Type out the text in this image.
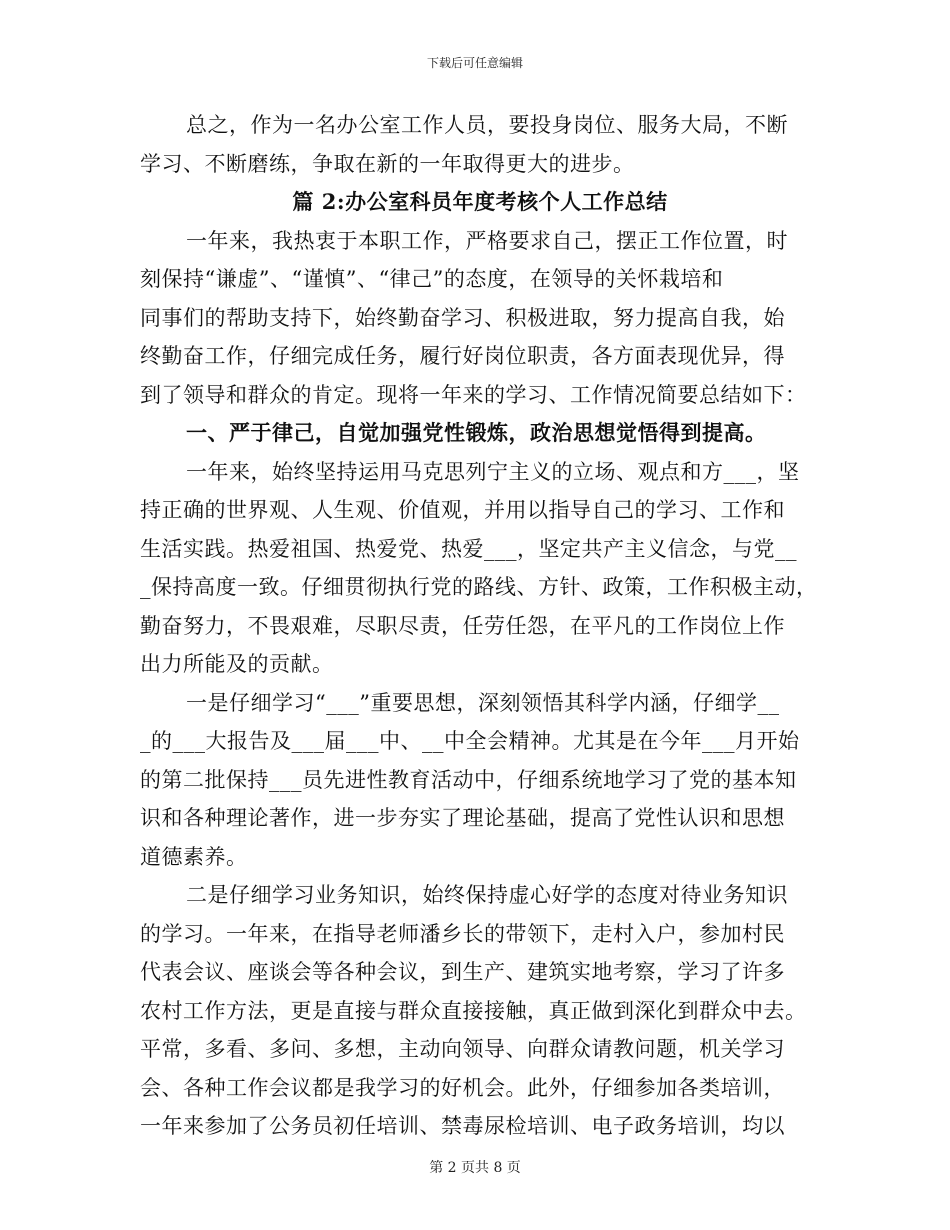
下载后可任意编辑
总之，作为一名办公室工作人员，要投身岗位、服务大局，不断
学习、不断磨练，争取在新的一年取得更大的进步。
篇 2:办公室科员年度考核个人工作总结
一年来，我热衷于本职工作，严格要求自己，摆正工作位置，时
刻保持“谦虚”、“谨慎”、“律己”的态度，在领导的关怀栽培和
同事们的帮助支持下，始终勤奋学习、积极进取，努力提高自我，始
终勤奋工作，仔细完成任务，履行好岗位职责，各方面表现优异，得
到了领导和群众的肯定。现将一年来的学习、工作情况简要总结如下：
一、严于律己，自觉加强党性锻炼，政治思想觉悟得到提高。
一年来，始终坚持运用马克思列宁主义的立场、观点和方___，坚
持正确的世界观、人生观、价值观，并用以指导自己的学习、工作和
生活实践。热爱祖国、热爱党、热爱___，坚定共产主义信念，与党__
_保持高度一致。仔细贯彻执行党的路线、方针、政策，工作积极主动，
勤奋努力，不畏艰难，尽职尽责，任劳任怨，在平凡的工作岗位上作
出力所能及的贡献。
一是仔细学习“___”重要思想，深刻领悟其科学内涵，仔细学__
_的___大报告及___届___中、__中全会精神。尤其是在今年___月开始
的第二批保持___员先进性教育活动中，仔细系统地学习了党的基本知
识和各种理论著作，进一步夯实了理论基础，提高了党性认识和思想
道德素养。
二是仔细学习业务知识，始终保持虚心好学的态度对待业务知识
的学习。一年来，在指导老师潘乡长的带领下，走村入户，参加村民
代表会议、座谈会等各种会议，到生产、建筑实地考察，学习了许多
农村工作方法，更是直接与群众直接接触，真正做到深化到群众中去。
平常，多看、多问、多想，主动向领导、向群众请教问题，机关学习
会、各种工作会议都是我学习的好机会。此外，仔细参加各类培训，
一年来参加了公务员初任培训、禁毒尿检培训、电子政务培训，均以
第 2 页共 8 页
